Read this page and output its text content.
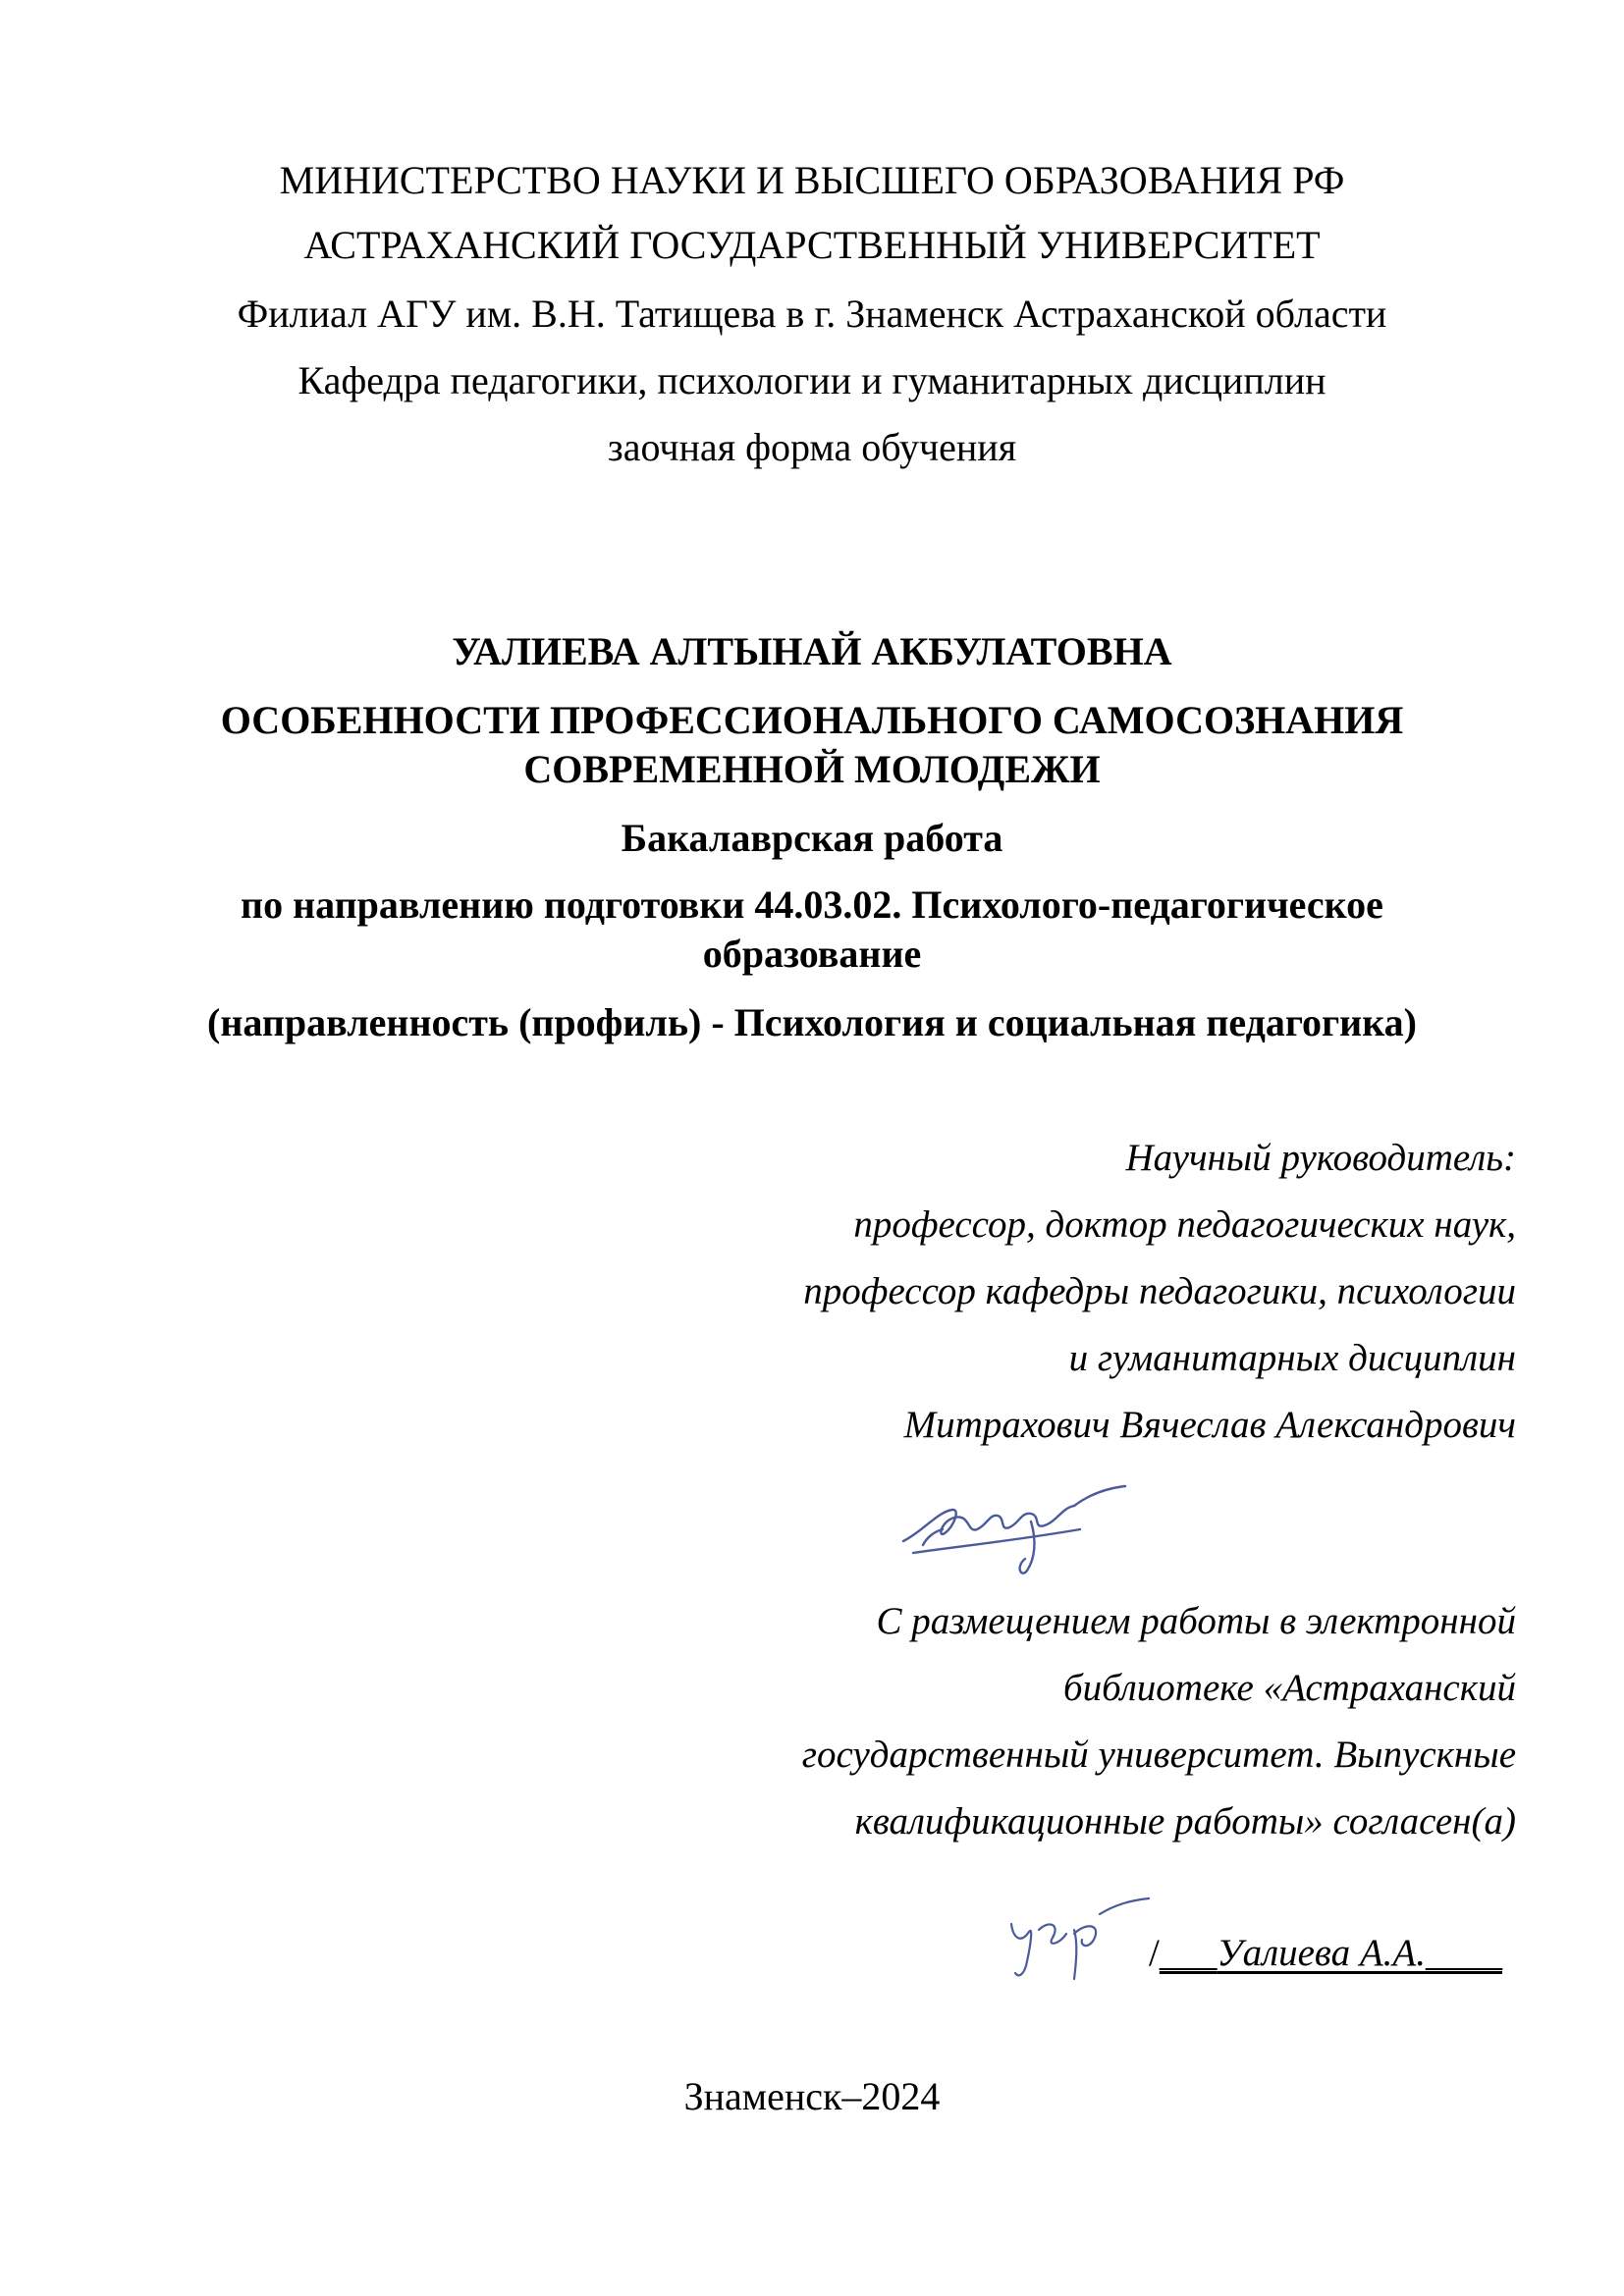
МИНИСТЕРСТВО НАУКИ И ВЫСШЕГО ОБРАЗОВАНИЯ РФ
АСТРАХАНСКИЙ ГОСУДАРСТВЕННЫЙ УНИВЕРСИТЕТ
Филиал АГУ им. В.Н. Татищева в г. Знаменск Астраханской области
Кафедра педагогики, психологии и гуманитарных дисциплин
заочная форма обучения
УАЛИЕВА АЛТЫНАЙ АКБУЛАТОВНА
ОСОБЕННОСТИ ПРОФЕССИОНАЛЬНОГО САМОСОЗНАНИЯ
СОВРЕМЕННОЙ МОЛОДЕЖИ
Бакалаврская работа
по направлению подготовки 44.03.02. Психолого-педагогическое
образование
(направленность (профиль) - Психология и социальная педагогика)
Научный руководитель:
профессор, доктор педагогических наук,
профессор кафедры педагогики, психологии
и гуманитарных дисциплин
Митрахович Вячеслав Александрович
С размещением работы в электронной
библиотеке «Астраханский
государственный университет. Выпускные
квалификационные работы» согласен(а)
/___Уалиева А.А.____
Знаменск–2024
